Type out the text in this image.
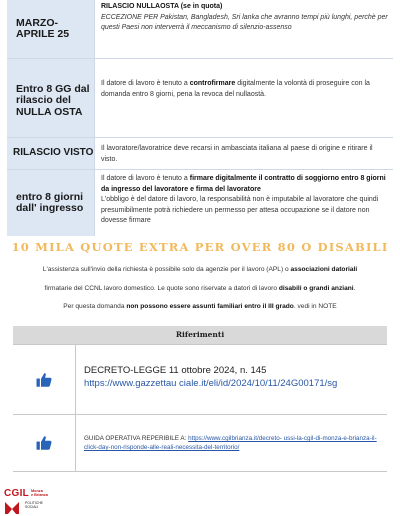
MARZO-APRILE 25
RILASCIO NULLAOSTA (se in quota)
ECCEZIONE PER Pakistan, Bangladesh, Sri lanka che avranno tempi più lunghi, perchè per questi Paesi non interverrà il meccanismo di silenzio-assenso
Entro 8 GG dal rilascio del NULLA OSTA
Il datore di lavoro è tenuto a controfirmare digitalmente la volontà di proseguire con la domanda entro 8 giorni, pena la revoca del nullaostà.
RILASCIO VISTO	Il lavoratore/lavoratrice deve recarsi in ambasciata italiana al paese di origine e ritirare il visto.
entro 8 giorni dall' ingresso
Il datore di lavoro è tenuto a firmare digitalmente il contratto di soggiorno entro 8 giorni da ingresso del lavoratore e firma del lavoratore
L'obbligo è del datore di lavoro, la responsabilità non è imputabile al lavoratore che quindi presumibilmente potrà richiedere un permesso per attesa occupazione se il datore non dovesse firmare
10 MILA QUOTE EXTRA PER OVER 80 O DISABILI
L'assistenza sull'invio della richiesta è possibile solo da agenzie per il lavoro (APL) o associazioni datoriali
firmatarie del CCNL lavoro domestico. Le quote sono riservate a datori di lavoro disabili o grandi anziani.
Per questa domanda non possono essere assunti familiari entro il III grado. vedi in NOTE
Riferimenti
DECRETO-LEGGE 11 ottobre 2024, n. 145
https://www.gazzettau ciale.it/eli/id/2024/10/11/24G00171/sg
GUIDA OPERATIVA REPERIBILE A: https://www.cgilbrianza.it/decreto- ussi-la-cgil-di-monza-e-brianza-il-click-day-non-risponde-alle-reali-necessita-del-territorio/
CGIL Monza
e Brianza
POLITICHE
SOCIALI
